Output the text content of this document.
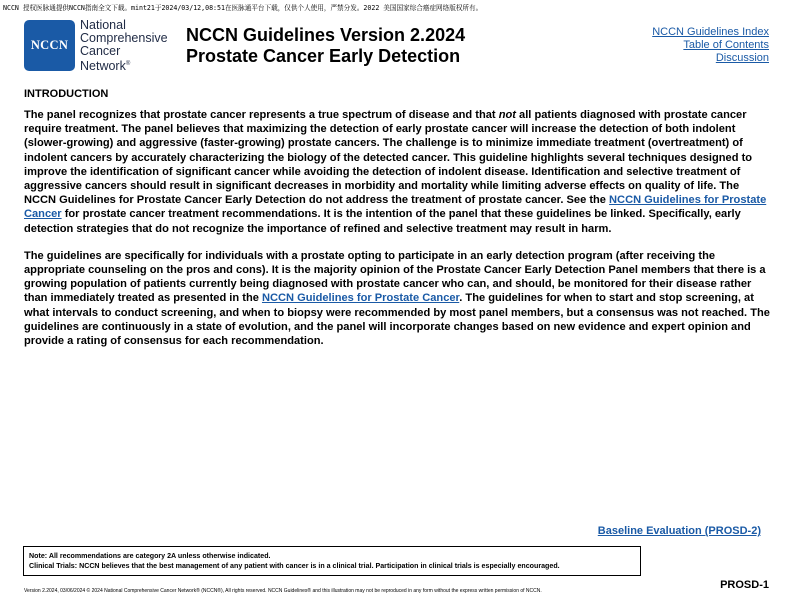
NCCN 授权医脉通提供NCCN指南全文下载。mint21于2024/03/12,08:51在医脉通平台下载，仅供个人使用，严禁分发。2022 美国国家综合癌症网络版权所有。
NCCN
National
Comprehensive
Cancer
Network®
NCCN Guidelines Version 2.2024
Prostate Cancer Early Detection
NCCN Guidelines Index
Table of Contents
Discussion
INTRODUCTION

The panel recognizes that prostate cancer represents a true spectrum of disease and that not all patients diagnosed with prostate cancer require treatment. The panel believes that maximizing the detection of early prostate cancer will increase the detection of both indolent (slower-growing) and aggressive (faster-growing) prostate cancers. The challenge is to minimize immediate treatment (overtreatment) of indolent cancers by accurately characterizing the biology of the detected cancer. This guideline highlights several techniques designed to improve the identification of significant cancer while avoiding the detection of indolent disease. Identification and selective treatment of aggressive cancers should result in significant decreases in morbidity and mortality while limiting adverse effects on quality of life. The NCCN Guidelines for Prostate Cancer Early Detection do not address the treatment of prostate cancer. See the NCCN Guidelines for Prostate Cancer for prostate cancer treatment recommendations. It is the intention of the panel that these guidelines be linked. Specifically, early detection strategies that do not recognize the importance of refined and selective treatment may result in harm.

The guidelines are specifically for individuals with a prostate opting to participate in an early detection program (after receiving the appropriate counseling on the pros and cons). It is the majority opinion of the Prostate Cancer Early Detection Panel members that there is a growing population of patients currently being diagnosed with prostate cancer who can, and should, be monitored for their disease rather than immediately treated as presented in the NCCN Guidelines for Prostate Cancer. The guidelines for when to start and stop screening, at what intervals to conduct screening, and when to biopsy were recommended by most panel members, but a consensus was not reached. The guidelines are continuously in a state of evolution, and the panel will incorporate changes based on new evidence and expert opinion and provide a rating of consensus for each recommendation.

Baseline Evaluation (PROSD-2)
Note: All recommendations are category 2A unless otherwise indicated.
Clinical Trials: NCCN believes that the best management of any patient with cancer is in a clinical trial. Participation in clinical trials is especially encouraged.
PROSD-1
Version 2.2024, 03/06/2024 © 2024 National Comprehensive Cancer Network® (NCCN®), All rights reserved. NCCN Guidelines® and this illustration may not be reproduced in any form without the express written permission of NCCN.
